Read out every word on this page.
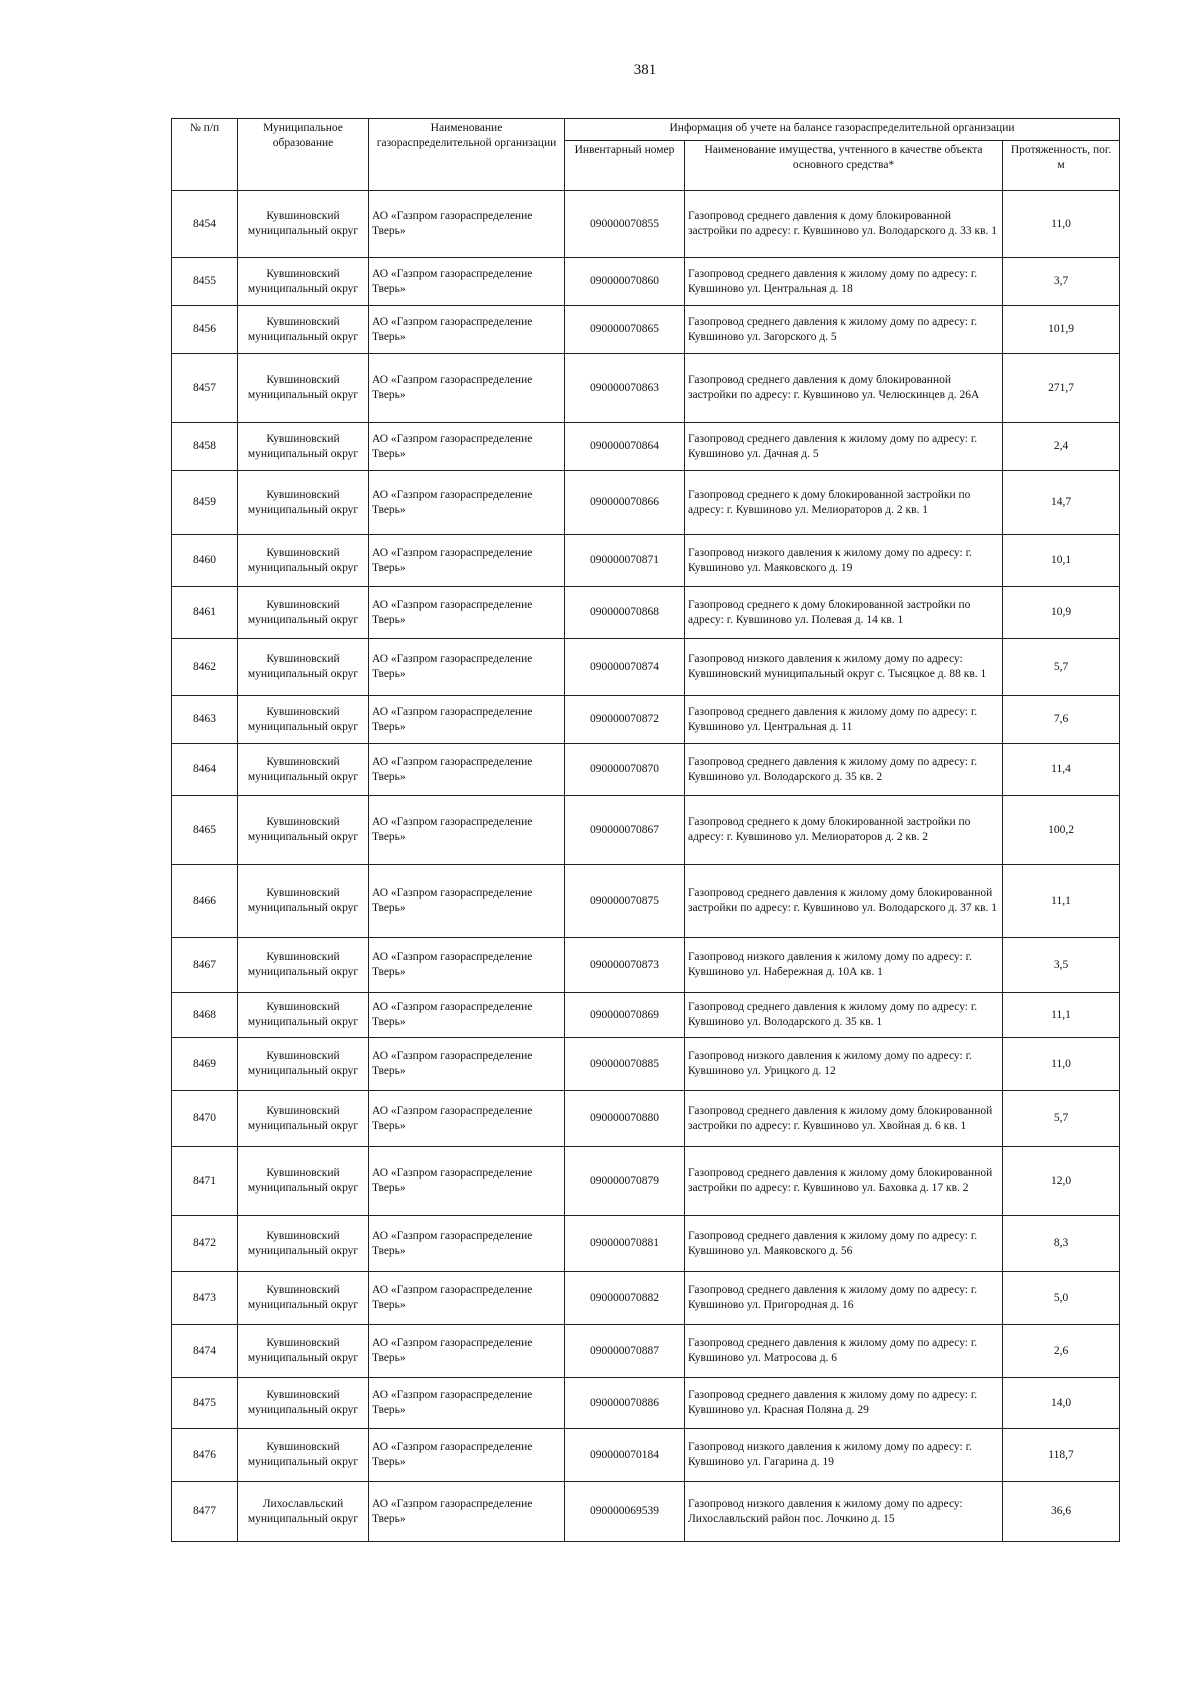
381
№ п/п	Муниципальное образование	Наименование газораспределительной организации	Информация об учете на балансе газораспределительной организации		
			Инвентарный номер	Наименование имущества, учтенного в качестве объекта основного средства*	Протяженность, пог. м
8454	Кувшиновский муниципальный округ	АО «Газпром газораспределение Тверь»	090000070855	Газопровод среднего давления к дому блокированной застройки по адресу: г. Кувшиново ул. Володарского д. 33 кв. 1	11,0
8455	Кувшиновский муниципальный округ	АО «Газпром газораспределение Тверь»	090000070860	Газопровод среднего давления к жилому дому по адресу: г. Кувшиново ул. Центральная д. 18	3,7
8456	Кувшиновский муниципальный округ	АО «Газпром газораспределение Тверь»	090000070865	Газопровод среднего давления к жилому дому по адресу: г. Кувшиново ул. Загорского д. 5	101,9
8457	Кувшиновский муниципальный округ	АО «Газпром газораспределение Тверь»	090000070863	Газопровод среднего давления к дому блокированной застройки по адресу: г. Кувшиново ул. Челюскинцев д. 26А	271,7
8458	Кувшиновский муниципальный округ	АО «Газпром газораспределение Тверь»	090000070864	Газопровод среднего давления к жилому дому по адресу: г. Кувшиново ул. Дачная д. 5	2,4
8459	Кувшиновский муниципальный округ	АО «Газпром газораспределение Тверь»	090000070866	Газопровод среднего к дому блокированной застройки по адресу: г. Кувшиново ул. Мелиораторов д. 2 кв. 1	14,7
8460	Кувшиновский муниципальный округ	АО «Газпром газораспределение Тверь»	090000070871	Газопровод низкого давления к жилому дому по адресу: г. Кувшиново ул. Маяковского д. 19	10,1
8461	Кувшиновский муниципальный округ	АО «Газпром газораспределение Тверь»	090000070868	Газопровод среднего к дому блокированной застройки по адресу: г. Кувшиново ул. Полевая д. 14 кв. 1	10,9
8462	Кувшиновский муниципальный округ	АО «Газпром газораспределение Тверь»	090000070874	Газопровод низкого давления к жилому дому по адресу: Кувшиновский муниципальный округ с. Тысяцкое д. 88 кв. 1	5,7
8463	Кувшиновский муниципальный округ	АО «Газпром газораспределение Тверь»	090000070872	Газопровод среднего давления к жилому дому по адресу: г. Кувшиново ул. Центральная д. 11	7,6
8464	Кувшиновский муниципальный округ	АО «Газпром газораспределение Тверь»	090000070870	Газопровод среднего давления к жилому дому по адресу: г. Кувшиново ул. Володарского д. 35 кв. 2	11,4
8465	Кувшиновский муниципальный округ	АО «Газпром газораспределение Тверь»	090000070867	Газопровод среднего к дому блокированной застройки по адресу: г. Кувшиново ул. Мелиораторов д. 2 кв. 2	100,2
8466	Кувшиновский муниципальный округ	АО «Газпром газораспределение Тверь»	090000070875	Газопровод среднего давления к жилому дому блокированной застройки по адресу: г. Кувшиново ул. Володарского д. 37 кв. 1	11,1
8467	Кувшиновский муниципальный округ	АО «Газпром газораспределение Тверь»	090000070873	Газопровод низкого давления к жилому дому по адресу: г. Кувшиново ул. Набережная д. 10А кв. 1	3,5
8468	Кувшиновский муниципальный округ	АО «Газпром газораспределение Тверь»	090000070869	Газопровод среднего давления к жилому дому по адресу: г. Кувшиново ул. Володарского д. 35 кв. 1	11,1
8469	Кувшиновский муниципальный округ	АО «Газпром газораспределение Тверь»	090000070885	Газопровод низкого давления к жилому дому по адресу: г. Кувшиново ул. Урицкого д. 12	11,0
8470	Кувшиновский муниципальный округ	АО «Газпром газораспределение Тверь»	090000070880	Газопровод среднего давления к жилому дому блокированной застройки по адресу: г. Кувшиново ул. Хвойная д. 6 кв. 1	5,7
8471	Кувшиновский муниципальный округ	АО «Газпром газораспределение Тверь»	090000070879	Газопровод среднего давления к жилому дому блокированной застройки по адресу: г. Кувшиново ул. Баховка д. 17 кв. 2	12,0
8472	Кувшиновский муниципальный округ	АО «Газпром газораспределение Тверь»	090000070881	Газопровод среднего давления к жилому дому по адресу: г. Кувшиново ул. Маяковского д. 56	8,3
8473	Кувшиновский муниципальный округ	АО «Газпром газораспределение Тверь»	090000070882	Газопровод среднего давления к жилому дому по адресу: г. Кувшиново ул. Пригородная д. 16	5,0
8474	Кувшиновский муниципальный округ	АО «Газпром газораспределение Тверь»	090000070887	Газопровод среднего давления к жилому дому по адресу: г. Кувшиново ул. Матросова д. 6	2,6
8475	Кувшиновский муниципальный округ	АО «Газпром газораспределение Тверь»	090000070886	Газопровод среднего давления к жилому дому по адресу: г. Кувшиново ул. Красная Поляна д. 29	14,0
8476	Кувшиновский муниципальный округ	АО «Газпром газораспределение Тверь»	090000070184	Газопровод низкого давления к жилому дому по адресу: г. Кувшиново ул. Гагарина д. 19	118,7
8477	Лихославльский муниципальный округ	АО «Газпром газораспределение Тверь»	090000069539	Газопровод низкого давления к жилому дому по адресу: Лихославльский район пос. Лочкино д. 15	36,6
